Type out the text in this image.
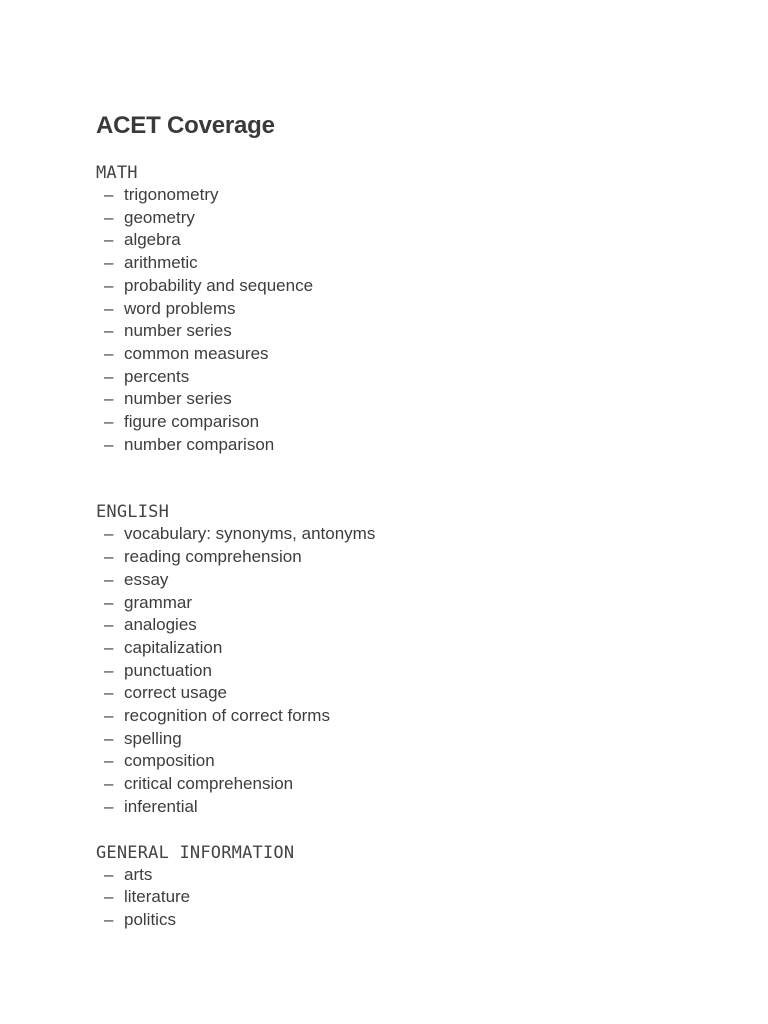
ACET Coverage
MATH
– trigonometry
– geometry
– algebra
– arithmetic
– probability and sequence
– word problems
– number series
– common measures
– percents
– number series
– figure comparison
– number comparison
ENGLISH
– vocabulary: synonyms, antonyms
– reading comprehension
– essay
– grammar
– analogies
– capitalization
– punctuation
– correct usage
– recognition of correct forms
– spelling
– composition
– critical comprehension
– inferential
GENERAL INFORMATION
– arts
– literature
– politics
